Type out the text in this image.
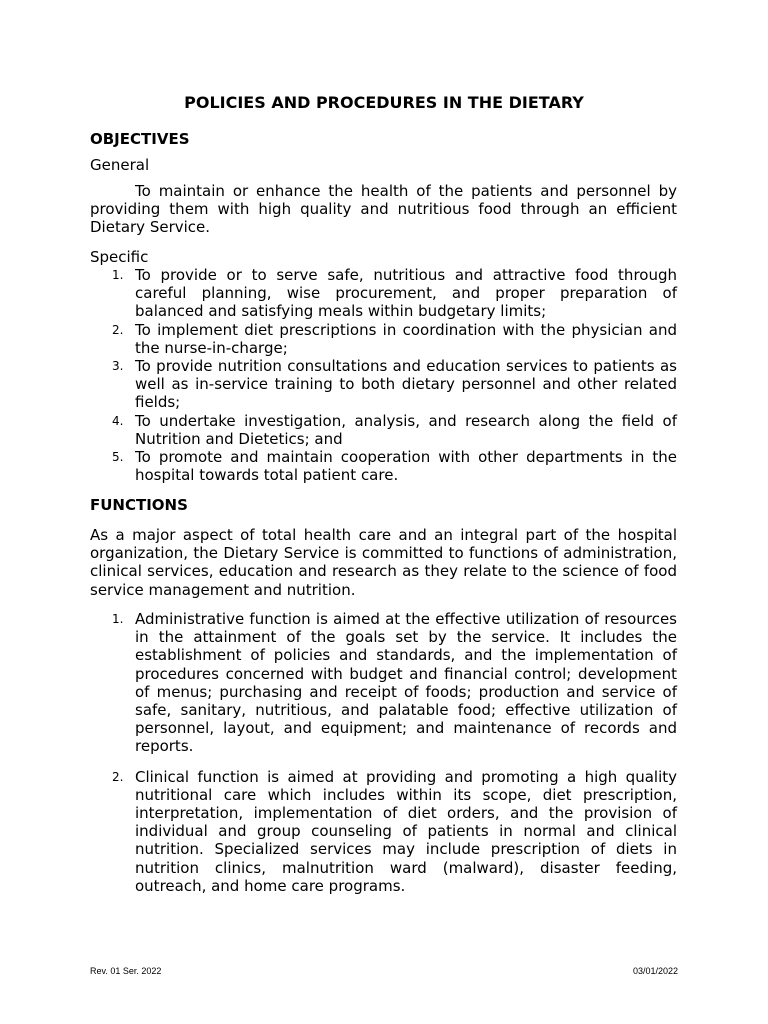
POLICIES AND PROCEDURES IN THE DIETARY
OBJECTIVES
General
To maintain or enhance the health of the patients and personnel by providing them with high quality and nutritious food through an efficient Dietary Service.
Specific
1. To provide or to serve safe, nutritious and attractive food through careful planning, wise procurement, and proper preparation of balanced and satisfying meals within budgetary limits;
2. To implement diet prescriptions in coordination with the physician and the nurse-in-charge;
3. To provide nutrition consultations and education services to patients as well as in-service training to both dietary personnel and other related fields;
4. To undertake investigation, analysis, and research along the field of Nutrition and Dietetics; and
5. To promote and maintain cooperation with other departments in the hospital towards total patient care.
FUNCTIONS
As a major aspect of total health care and an integral part of the hospital organization, the Dietary Service is committed to functions of administration, clinical services, education and research as they relate to the science of food service management and nutrition.
1. Administrative function is aimed at the effective utilization of resources in the attainment of the goals set by the service. It includes the establishment of policies and standards, and the implementation of procedures concerned with budget and financial control; development of menus; purchasing and receipt of foods; production and service of safe, sanitary, nutritious, and palatable food; effective utilization of personnel, layout, and equipment; and maintenance of records and reports.
2. Clinical function is aimed at providing and promoting a high quality nutritional care which includes within its scope, diet prescription, interpretation, implementation of diet orders, and the provision of individual and group counseling of patients in normal and clinical nutrition. Specialized services may include prescription of diets in nutrition clinics, malnutrition ward (malward), disaster feeding, outreach, and home care programs.
Rev. 01 Ser. 2022	03/01/2022
